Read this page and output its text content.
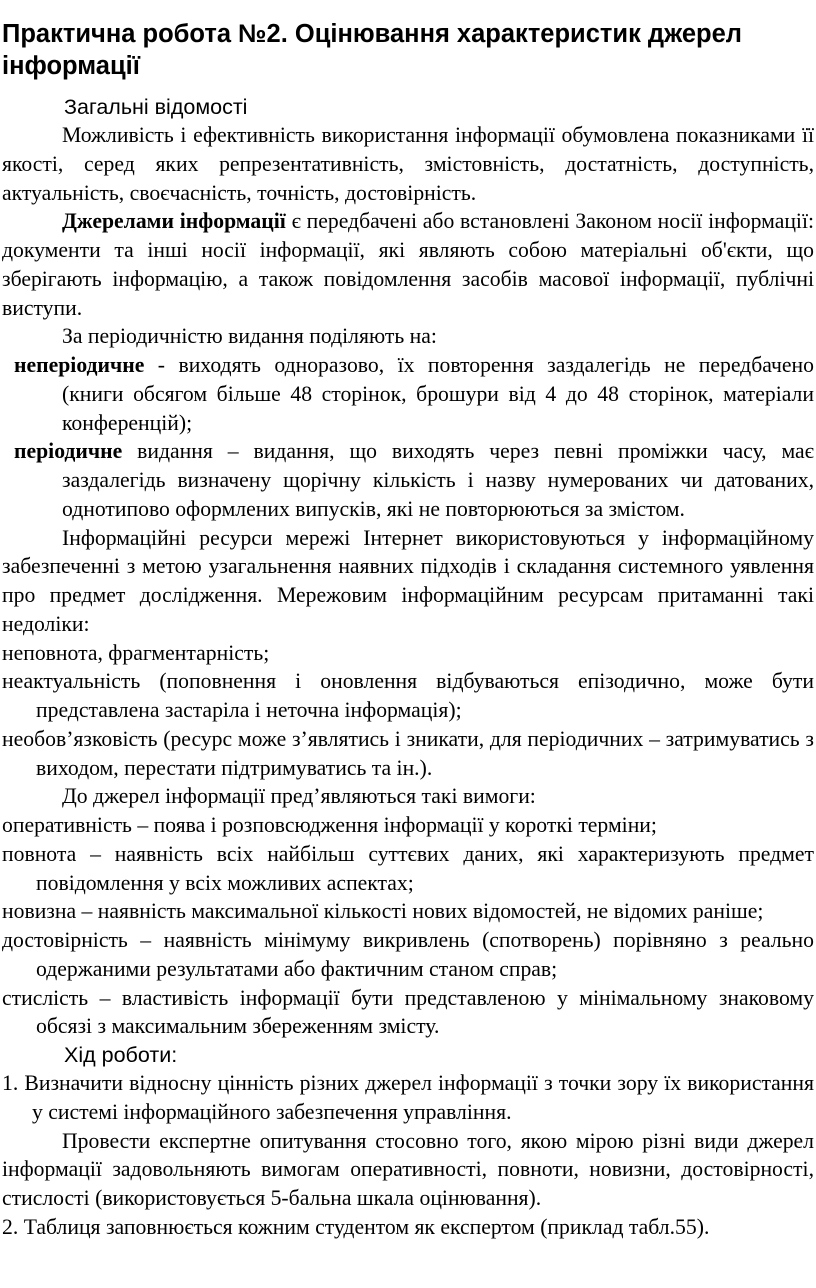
Практична робота №2. Оцінювання характеристик джерел інформації

Загальні відомості

Можливість і ефективність використання інформації обумовлена показниками її якості, серед яких репрезентативність, змістовність, достатність, доступність, актуальність, своєчасність, точність, достовірність.

Джерелами інформації є передбачені або встановлені Законом носії інформації: документи та інші носії інформації, які являють собою матеріальні об'єкти, що зберігають інформацію, а також повідомлення засобів масової інформації, публічні виступи.

За періодичністю видання поділяють на:

неперіодичне - виходять одноразово, їх повторення заздалегідь не передбачено (книги обсягом більше 48 сторінок, брошури від 4 до 48 сторінок, матеріали конференцій);

періодичне видання – видання, що виходять через певні проміжки часу, має заздалегідь визначену щорічну кількість і назву нумерованих чи датованих, однотипово оформлених випусків, які не повторюються за змістом.

Інформаційні ресурси мережі Інтернет використовуються у інформаційному забезпеченні з метою узагальнення наявних підходів і складання системного уявлення про предмет дослідження. Мережовим інформаційним ресурсам притаманні такі недоліки:

неповнота, фрагментарність;

неактуальність (поповнення і оновлення відбуваються епізодично, може бути представлена застаріла і неточна інформація);

необов’язковість (ресурс може з’являтись і зникати, для періодичних – затримуватись з виходом, перестати підтримуватись та ін.).

До джерел інформації пред’являються такі вимоги:

оперативність – поява і розповсюдження інформації у короткі терміни;

повнота – наявність всіх найбільш суттєвих даних, які характеризують предмет повідомлення у всіх можливих аспектах;

новизна – наявність максимальної кількості нових відомостей, не відомих раніше;

достовірність – наявність мінімуму викривлень (спотворень) порівняно з реально одержаними результатами або фактичним станом справ;

стислість – властивість інформації бути представленою у мінімальному знаковому обсязі з максимальним збереженням змісту.

Хід роботи:

1. Визначити відносну цінність різних джерел інформації з точки зору їх використання у системі інформаційного забезпечення управління.

Провести експертне опитування стосовно того, якою мірою різні види джерел інформації задовольняють вимогам оперативності, повноти, новизни, достовірності, стислості (використовується 5-бальна шкала оцінювання).

2. Таблиця заповнюється кожним студентом як експертом (приклад табл.55).
